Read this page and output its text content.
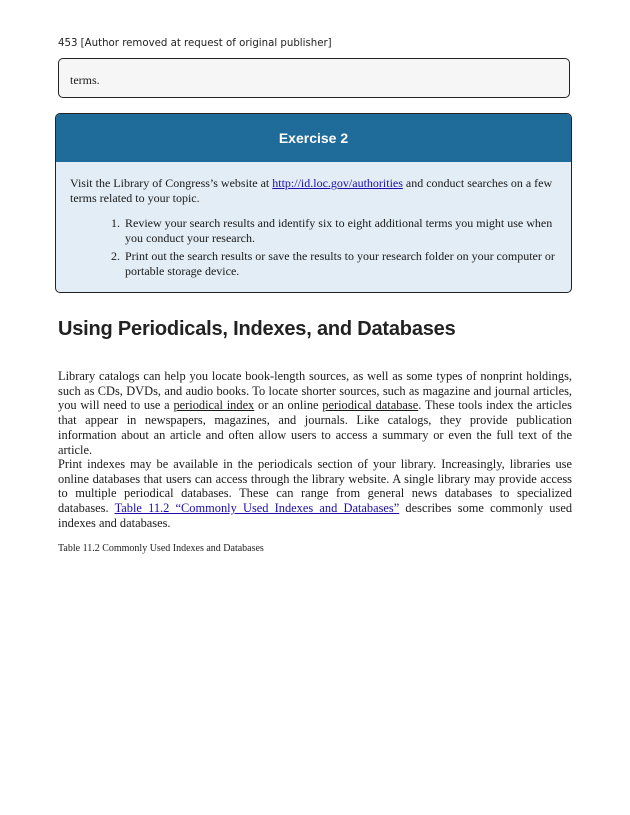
453 [Author removed at request of original publisher]
terms.
Exercise 2

Visit the Library of Congress’s website at http://id.loc.gov/authorities and conduct searches on a few terms related to your topic.

1. Review your search results and identify six to eight additional terms you might use when you conduct your research.
2. Print out the search results or save the results to your research folder on your computer or portable storage device.
Using Periodicals, Indexes, and Databases

Library catalogs can help you locate book-length sources, as well as some types of nonprint holdings, such as CDs, DVDs, and audio books. To locate shorter sources, such as magazine and journal articles, you will need to use a periodical index or an online periodical database. These tools index the articles that appear in newspapers, magazines, and journals. Like catalogs, they provide publication information about an article and often allow users to access a summary or even the full text of the article.

Print indexes may be available in the periodicals section of your library. Increasingly, libraries use online databases that users can access through the library website. A single library may provide access to multiple periodical databases. These can range from general news databases to specialized databases. Table 11.2 “Commonly Used Indexes and Databases” describes some commonly used indexes and databases.

Table 11.2 Commonly Used Indexes and Databases
